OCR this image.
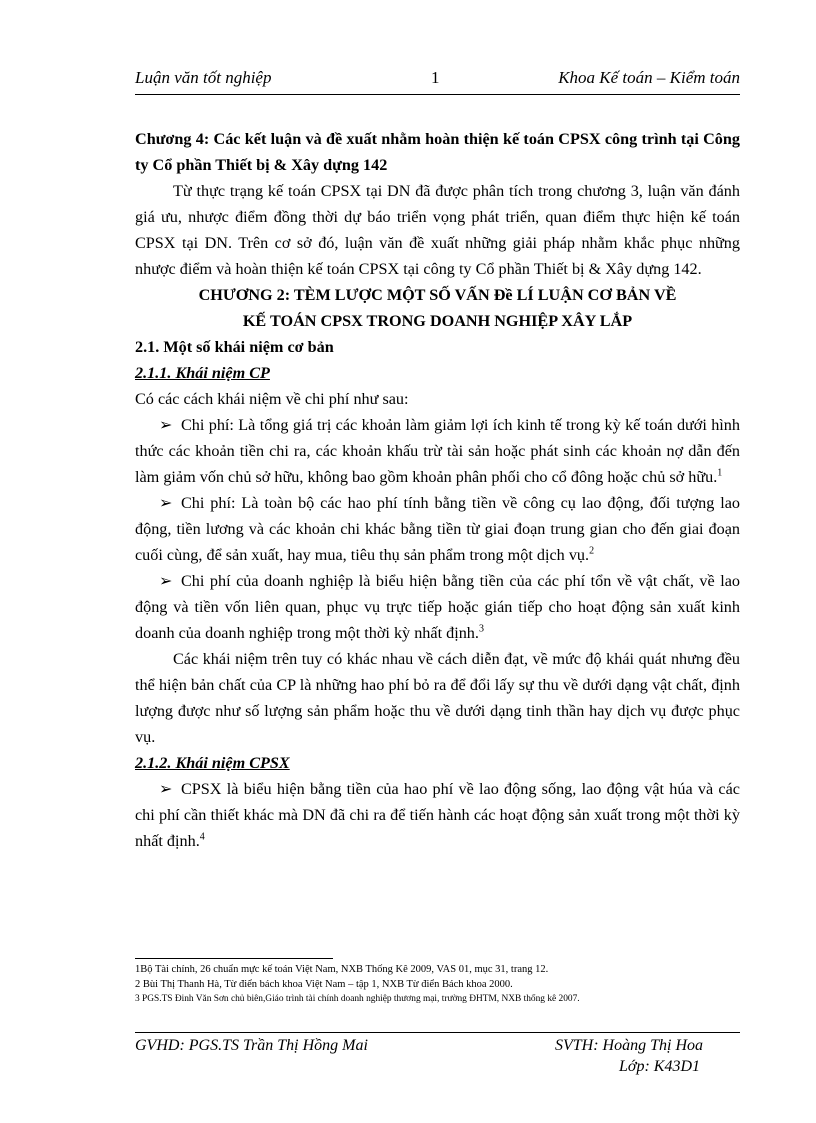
Luận văn tốt nghiệp	1	Khoa Kế toán – Kiểm toán

Chương 4: Các kết luận và đề xuất nhằm hoàn thiện kế toán CPSX công trình tại Công ty Cổ phần Thiết bị & Xây dựng 142

Từ thực trạng kế toán CPSX tại DN đã được phân tích trong chương 3, luận văn đánh giá ưu, nhược điểm đồng thời dự báo triển vọng phát triển, quan điểm thực hiện kế toán CPSX tại DN. Trên cơ sở đó, luận văn đề xuất những giải pháp nhằm khắc phục những nhược điểm và hoàn thiện kế toán CPSX tại công ty Cổ phần Thiết bị & Xây dựng 142.

CHƯƠNG 2: TÈM LƯỢC MỘT SỐ VẤN Đề LÍ LUẬN CƠ BẢN VỀ

KẾ TOÁN CPSX TRONG DOANH NGHIỆP XÂY LẮP

2.1. Một số khái niệm cơ bản

2.1.1. Khái niệm CP

Có các cách khái niệm về chi phí như sau:

➢ Chi phí: Là tổng giá trị các khoản làm giảm lợi ích kinh tế trong kỳ kế toán dưới hình thức các khoản tiền chi ra, các khoản khấu trừ tài sản hoặc phát sinh các khoản nợ dẫn đến làm giảm vốn chủ sở hữu, không bao gồm khoản phân phối cho cổ đông hoặc chủ sở hữu.$^1$

➢ Chi phí: Là toàn bộ các hao phí tính bằng tiền về công cụ lao động, đối tượng lao động, tiền lương và các khoản chi khác bằng tiền từ giai đoạn trung gian cho đến giai đoạn cuối cùng, để sản xuất, hay mua, tiêu thụ sản phẩm trong một dịch vụ.$^2$

➢ Chi phí của doanh nghiệp là biểu hiện bằng tiền của các phí tổn về vật chất, về lao động và tiền vốn liên quan, phục vụ trực tiếp hoặc gián tiếp cho hoạt động sản xuất kinh doanh của doanh nghiệp trong một thời kỳ nhất định.$^3$

Các khái niệm trên tuy có khác nhau về cách diễn đạt, về mức độ khái quát nhưng đều thể hiện bản chất của CP là những hao phí bỏ ra để đổi lấy sự thu về dưới dạng vật chất, định lượng được như số lượng sản phẩm hoặc thu về dưới dạng tinh thần hay dịch vụ được phục vụ.

2.1.2. Khái niệm CPSX

➢ CPSX là biểu hiện bằng tiền của hao phí về lao động sống, lao động vật húa và các chi phí cần thiết khác mà DN đã chi ra để tiến hành các hoạt động sản xuất trong một thời kỳ nhất định.$^4$

1Bộ Tài chính, 26 chuẩn mực kế toán Việt Nam, NXB Thống Kê 2009, VAS 01, mục 31, trang 12.
2 Bùi Thị Thanh Hà, Từ điển bách khoa Việt Nam – tập 1, NXB Từ điển Bách khoa 2000.
3 PGS.TS Đinh Văn Sơn chủ biên,Giáo trình tài chính doanh nghiệp thương mại, trường ĐHTM, NXB thống kê 2007.
GVHD: PGS.TS Trần Thị Hồng Mai	SVTH: Hoàng Thị Hoa
Lớp: K43D1
